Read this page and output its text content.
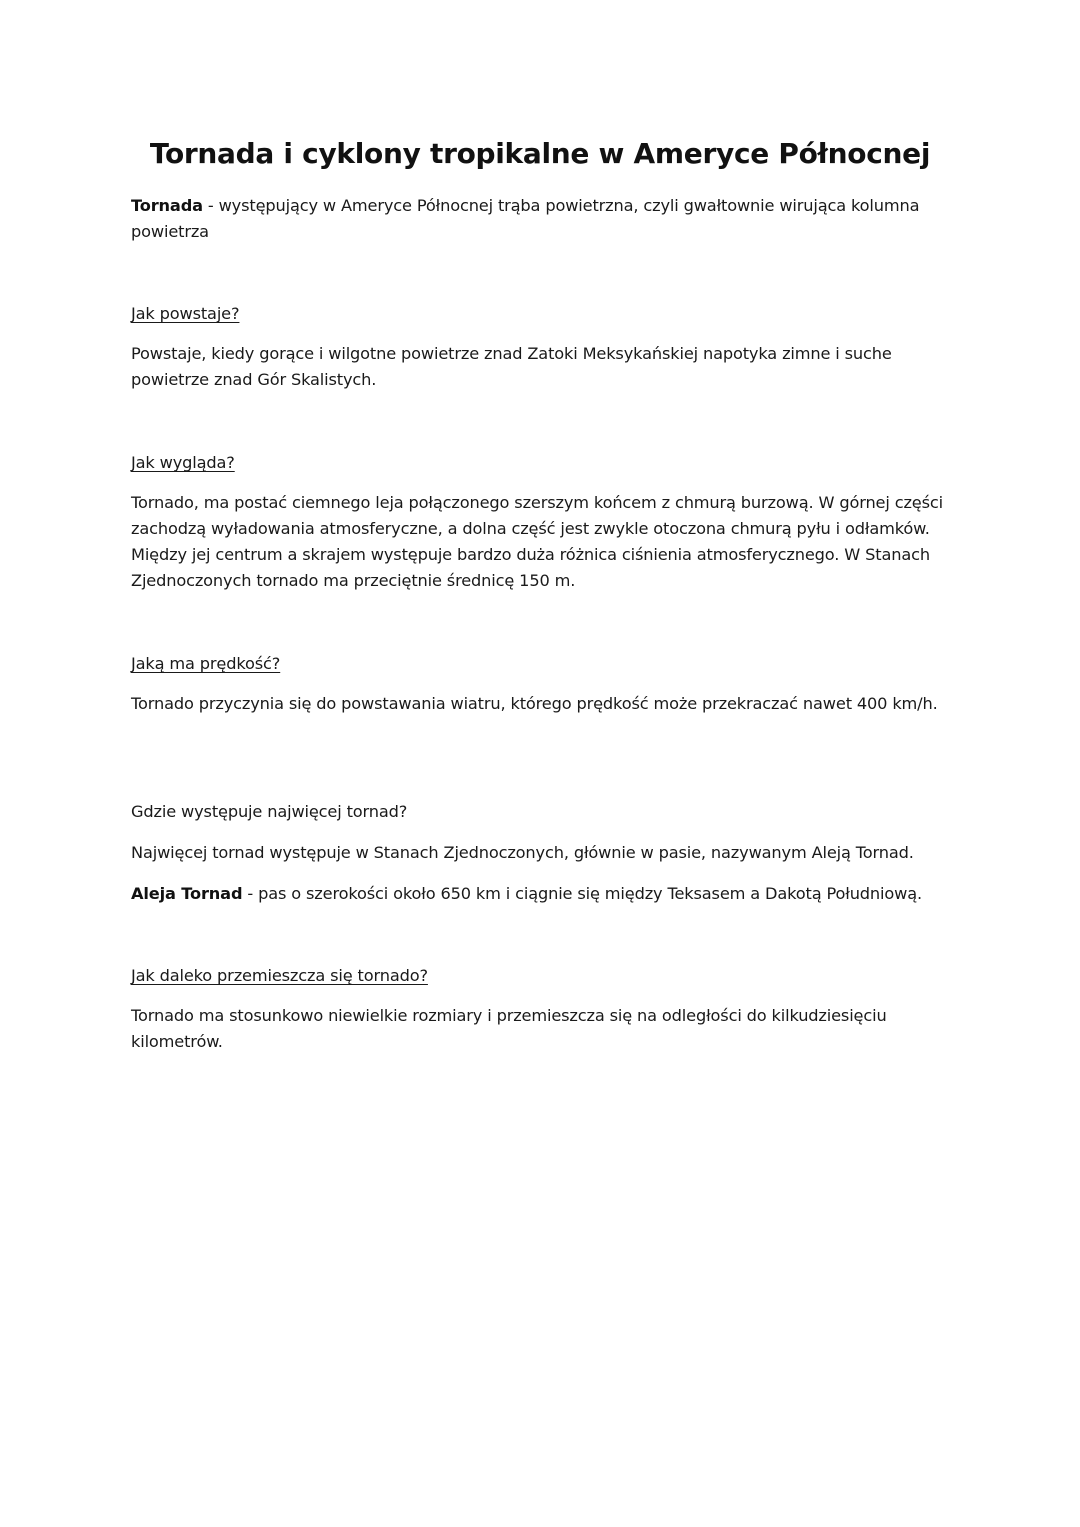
Tornada i cyklony tropikalne w Ameryce Północnej

Tornada - występujący w Ameryce Północnej trąba powietrzna, czyli gwałtownie wirująca kolumna powietrza

Jak powstaje?

Powstaje, kiedy gorące i wilgotne powietrze znad Zatoki Meksykańskiej napotyka zimne i suche powietrze znad Gór Skalistych.

Jak wygląda?

Tornado, ma postać ciemnego leja połączonego szerszym końcem z chmurą burzową. W górnej części zachodzą wyładowania atmosferyczne, a dolna część jest zwykle otoczona chmurą pyłu i odłamków. Między jej centrum a skrajem występuje bardzo duża różnica ciśnienia atmosferycznego. W Stanach Zjednoczonych tornado ma przeciętnie średnicę 150 m.

Jaką ma prędkość?

Tornado przyczynia się do powstawania wiatru, którego prędkość może przekraczać nawet 400 km/h.

Gdzie występuje najwięcej tornad?

Najwięcej tornad występuje w Stanach Zjednoczonych, głównie w pasie, nazywanym Aleją Tornad.

Aleja Tornad - pas o szerokości około 650 km i ciągnie się między Teksasem a Dakotą Południową.

Jak daleko przemieszcza się tornado?

Tornado ma stosunkowo niewielkie rozmiary i przemieszcza się na odległości do kilkudziesięciu kilometrów.
